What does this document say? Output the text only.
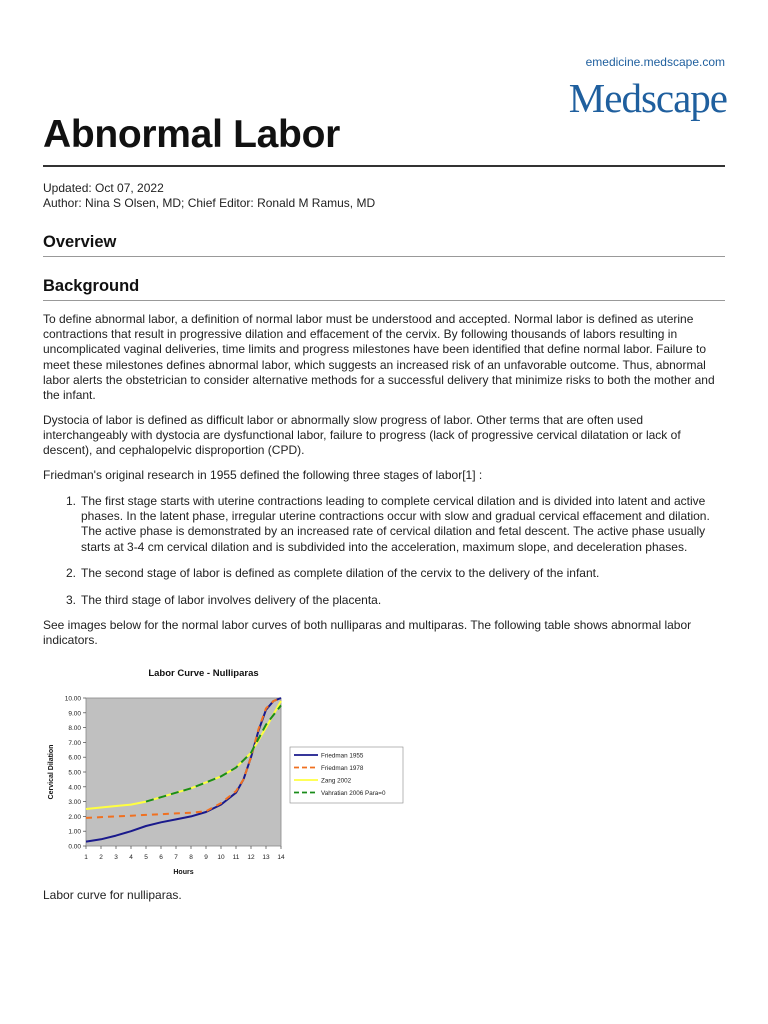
emedicine.medscape.com
Medscape
Abnormal Labor
Updated: Oct 07, 2022
Author: Nina S Olsen, MD; Chief Editor: Ronald M Ramus, MD
Overview
Background

To define abnormal labor, a definition of normal labor must be understood and accepted. Normal labor is defined as uterine contractions that result in progressive dilation and effacement of the cervix. By following thousands of labors resulting in uncomplicated vaginal deliveries, time limits and progress milestones have been identified that define normal labor. Failure to meet these milestones defines abnormal labor, which suggests an increased risk of an unfavorable outcome. Thus, abnormal labor alerts the obstetrician to consider alternative methods for a successful delivery that minimize risks to both the mother and the infant.

Dystocia of labor is defined as difficult labor or abnormally slow progress of labor. Other terms that are often used interchangeably with dystocia are dysfunctional labor, failure to progress (lack of progressive cervical dilatation or lack of descent), and cephalopelvic disproportion (CPD).

Friedman's original research in 1955 defined the following three stages of labor[1] :

1. The first stage starts with uterine contractions leading to complete cervical dilation and is divided into latent and active phases. In the latent phase, irregular uterine contractions occur with slow and gradual cervical effacement and dilation. The active phase is demonstrated by an increased rate of cervical dilation and fetal descent. The active phase usually starts at 3-4 cm cervical dilation and is subdivided into the acceleration, maximum slope, and deceleration phases.
2. The second stage of labor is defined as complete dilation of the cervix to the delivery of the infant.
3. The third stage of labor involves delivery of the placenta.

See images below for the normal labor curves of both nulliparas and multiparas. The following table shows abnormal labor indicators.

Labor Curve - Nulliparas
0.00
1.00
2.00
3.00
4.00
5.00
6.00
7.00
8.00
9.00
10.00
1 2 3 4 5 6 7 8 9 10 11 12 13 14
Hours
Cervical Dilation	Friedman 1955
Friedman 1978
Zang 2002
Vahratian 2006 Para=0
Labor curve for nulliparas.
